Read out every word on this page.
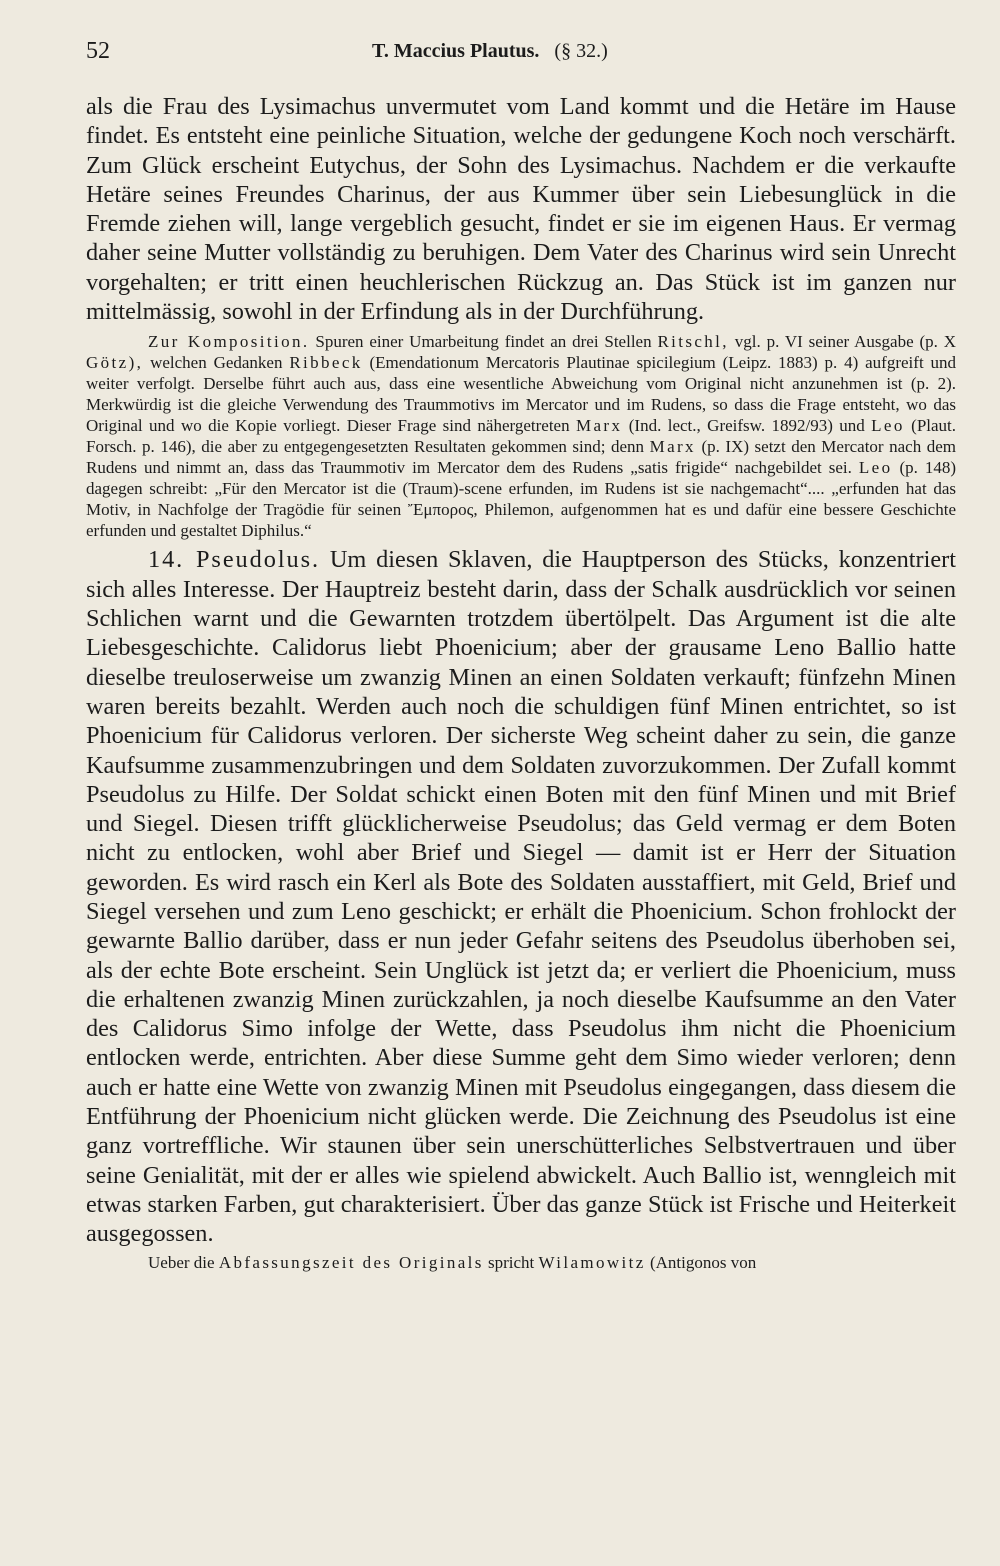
52	T. Maccius Plautus. (§ 32.)

als die Frau des Lysimachus unvermutet vom Land kommt und die Hetäre im Hause findet. Es entsteht eine peinliche Situation, welche der gedungene Koch noch verschärft. Zum Glück erscheint Eutychus, der Sohn des Lysimachus. Nachdem er die verkaufte Hetäre seines Freundes Charinus, der aus Kummer über sein Liebesunglück in die Fremde ziehen will, lange vergeblich gesucht, findet er sie im eigenen Haus. Er vermag daher seine Mutter vollständig zu beruhigen. Dem Vater des Charinus wird sein Unrecht vorgehalten; er tritt einen heuchlerischen Rückzug an. Das Stück ist im ganzen nur mittelmässig, sowohl in der Erfindung als in der Durchführung.

Zur Komposition. Spuren einer Umarbeitung findet an drei Stellen Ritschl, vgl. p. VI seiner Ausgabe (p. X Götz), welchen Gedanken Ribbeck (Emendationum Mercatoris Plautinae spicilegium (Leipz. 1883) p. 4) aufgreift und weiter verfolgt. Derselbe führt auch aus, dass eine wesentliche Abweichung vom Original nicht anzunehmen ist (p. 2). Merkwürdig ist die gleiche Verwendung des Traummotivs im Mercator und im Rudens, so dass die Frage entsteht, wo das Original und wo die Kopie vorliegt. Dieser Frage sind nähergetreten Marx (Ind. lect., Greifsw. 1892/93) und Leo (Plaut. Forsch. p. 146), die aber zu entgegengesetzten Resultaten gekommen sind; denn Marx (p. IX) setzt den Mercator nach dem Rudens und nimmt an, dass das Traummotiv im Mercator dem des Rudens „satis frigide“ nachgebildet sei. Leo (p. 148) dagegen schreibt: „Für den Mercator ist die (Traum)-scene erfunden, im Rudens ist sie nachgemacht“.... „erfunden hat das Motiv, in Nachfolge der Tragödie für seinen Ἔμπορος, Philemon, aufgenommen hat es und dafür eine bessere Geschichte erfunden und gestaltet Diphilus.“

14. Pseudolus. Um diesen Sklaven, die Hauptperson des Stücks, konzentriert sich alles Interesse. Der Hauptreiz besteht darin, dass der Schalk ausdrücklich vor seinen Schlichen warnt und die Gewarnten trotzdem übertölpelt. Das Argument ist die alte Liebesgeschichte. Calidorus liebt Phoenicium; aber der grausame Leno Ballio hatte dieselbe treuloserweise um zwanzig Minen an einen Soldaten verkauft; fünfzehn Minen waren bereits bezahlt. Werden auch noch die schuldigen fünf Minen entrichtet, so ist Phoenicium für Calidorus verloren. Der sicherste Weg scheint daher zu sein, die ganze Kaufsumme zusammenzubringen und dem Soldaten zuvorzukommen. Der Zufall kommt Pseudolus zu Hilfe. Der Soldat schickt einen Boten mit den fünf Minen und mit Brief und Siegel. Diesen trifft glücklicherweise Pseudolus; das Geld vermag er dem Boten nicht zu entlocken, wohl aber Brief und Siegel — damit ist er Herr der Situation geworden. Es wird rasch ein Kerl als Bote des Soldaten ausstaffiert, mit Geld, Brief und Siegel versehen und zum Leno geschickt; er erhält die Phoenicium. Schon frohlockt der gewarnte Ballio darüber, dass er nun jeder Gefahr seitens des Pseudolus überhoben sei, als der echte Bote erscheint. Sein Unglück ist jetzt da; er verliert die Phoenicium, muss die erhaltenen zwanzig Minen zurückzahlen, ja noch dieselbe Kaufsumme an den Vater des Calidorus Simo infolge der Wette, dass Pseudolus ihm nicht die Phoenicium entlocken werde, entrichten. Aber diese Summe geht dem Simo wieder verloren; denn auch er hatte eine Wette von zwanzig Minen mit Pseudolus eingegangen, dass diesem die Entführung der Phoenicium nicht glücken werde. Die Zeichnung des Pseudolus ist eine ganz vortreffliche. Wir staunen über sein unerschütterliches Selbstvertrauen und über seine Genialität, mit der er alles wie spielend abwickelt. Auch Ballio ist, wenngleich mit etwas starken Farben, gut charakterisiert. Über das ganze Stück ist Frische und Heiterkeit ausgegossen.

Ueber die Abfassungszeit des Originals spricht Wilamowitz (Antigonos von
